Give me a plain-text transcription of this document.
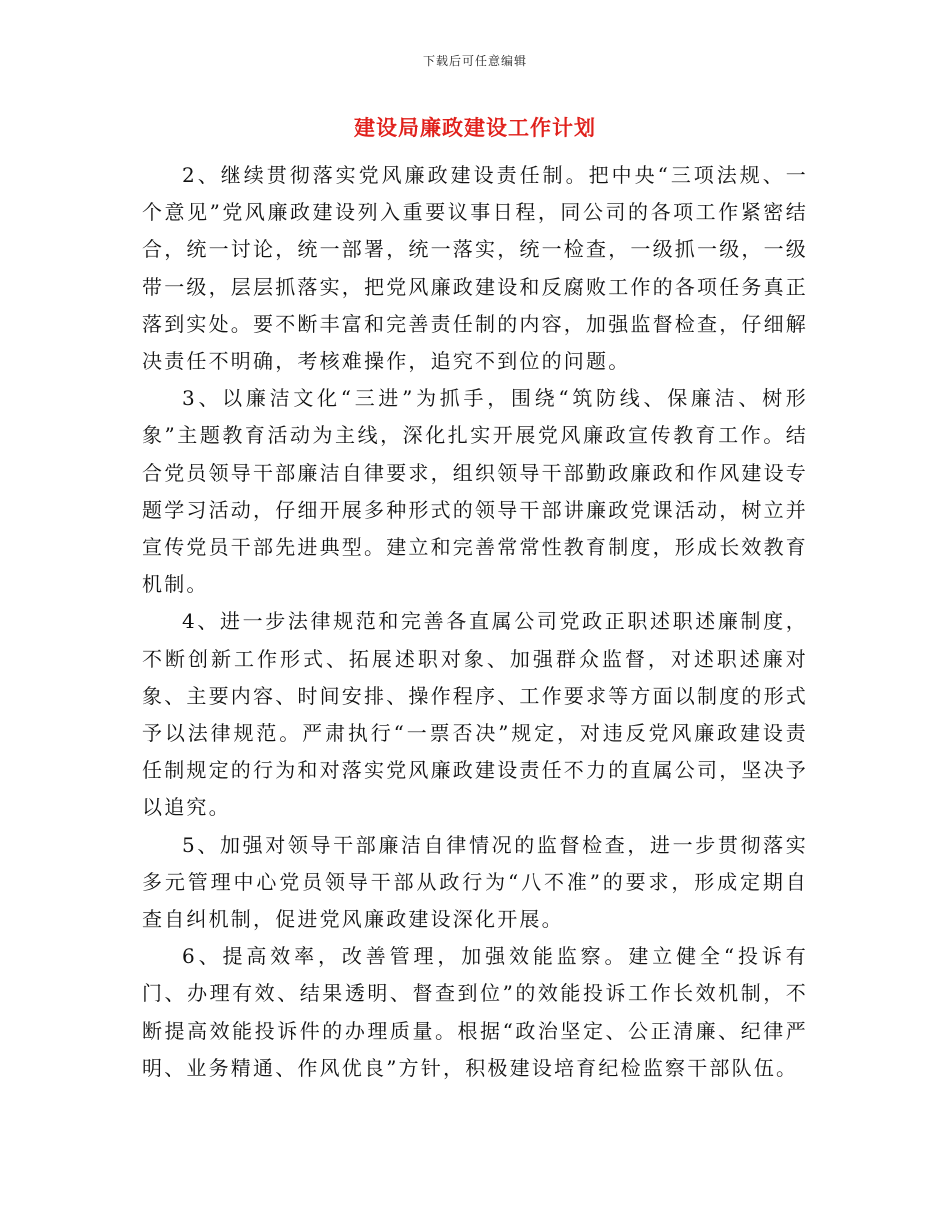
下载后可任意编辑
建设局廉政建设工作计划

2、继续贯彻落实党风廉政建设责任制。把中央“三项法规、一个意见”党风廉政建设列入重要议事日程，同公司的各项工作紧密结合，统一讨论，统一部署，统一落实，统一检查，一级抓一级，一级带一级，层层抓落实，把党风廉政建设和反腐败工作的各项任务真正落到实处。要不断丰富和完善责任制的内容，加强监督检查，仔细解决责任不明确，考核难操作，追究不到位的问题。

3、以廉洁文化“三进”为抓手，围绕“筑防线、保廉洁、树形象”主题教育活动为主线，深化扎实开展党风廉政宣传教育工作。结合党员领导干部廉洁自律要求，组织领导干部勤政廉政和作风建设专题学习活动，仔细开展多种形式的领导干部讲廉政党课活动，树立并宣传党员干部先进典型。建立和完善常常性教育制度，形成长效教育机制。

4、进一步法律规范和完善各直属公司党政正职述职述廉制度，不断创新工作形式、拓展述职对象、加强群众监督，对述职述廉对象、主要内容、时间安排、操作程序、工作要求等方面以制度的形式予以法律规范。严肃执行“一票否决”规定，对违反党风廉政建设责任制规定的行为和对落实党风廉政建设责任不力的直属公司，坚决予以追究。

5、加强对领导干部廉洁自律情况的监督检查，进一步贯彻落实多元管理中心党员领导干部从政行为“八不准”的要求，形成定期自查自纠机制，促进党风廉政建设深化开展。

6、提高效率，改善管理，加强效能监察。建立健全“投诉有门、办理有效、结果透明、督查到位”的效能投诉工作长效机制，不断提高效能投诉件的办理质量。根据“政治坚定、公正清廉、纪律严明、业务精通、作风优良”方针，积极建设培育纪检监察干部队伍。
